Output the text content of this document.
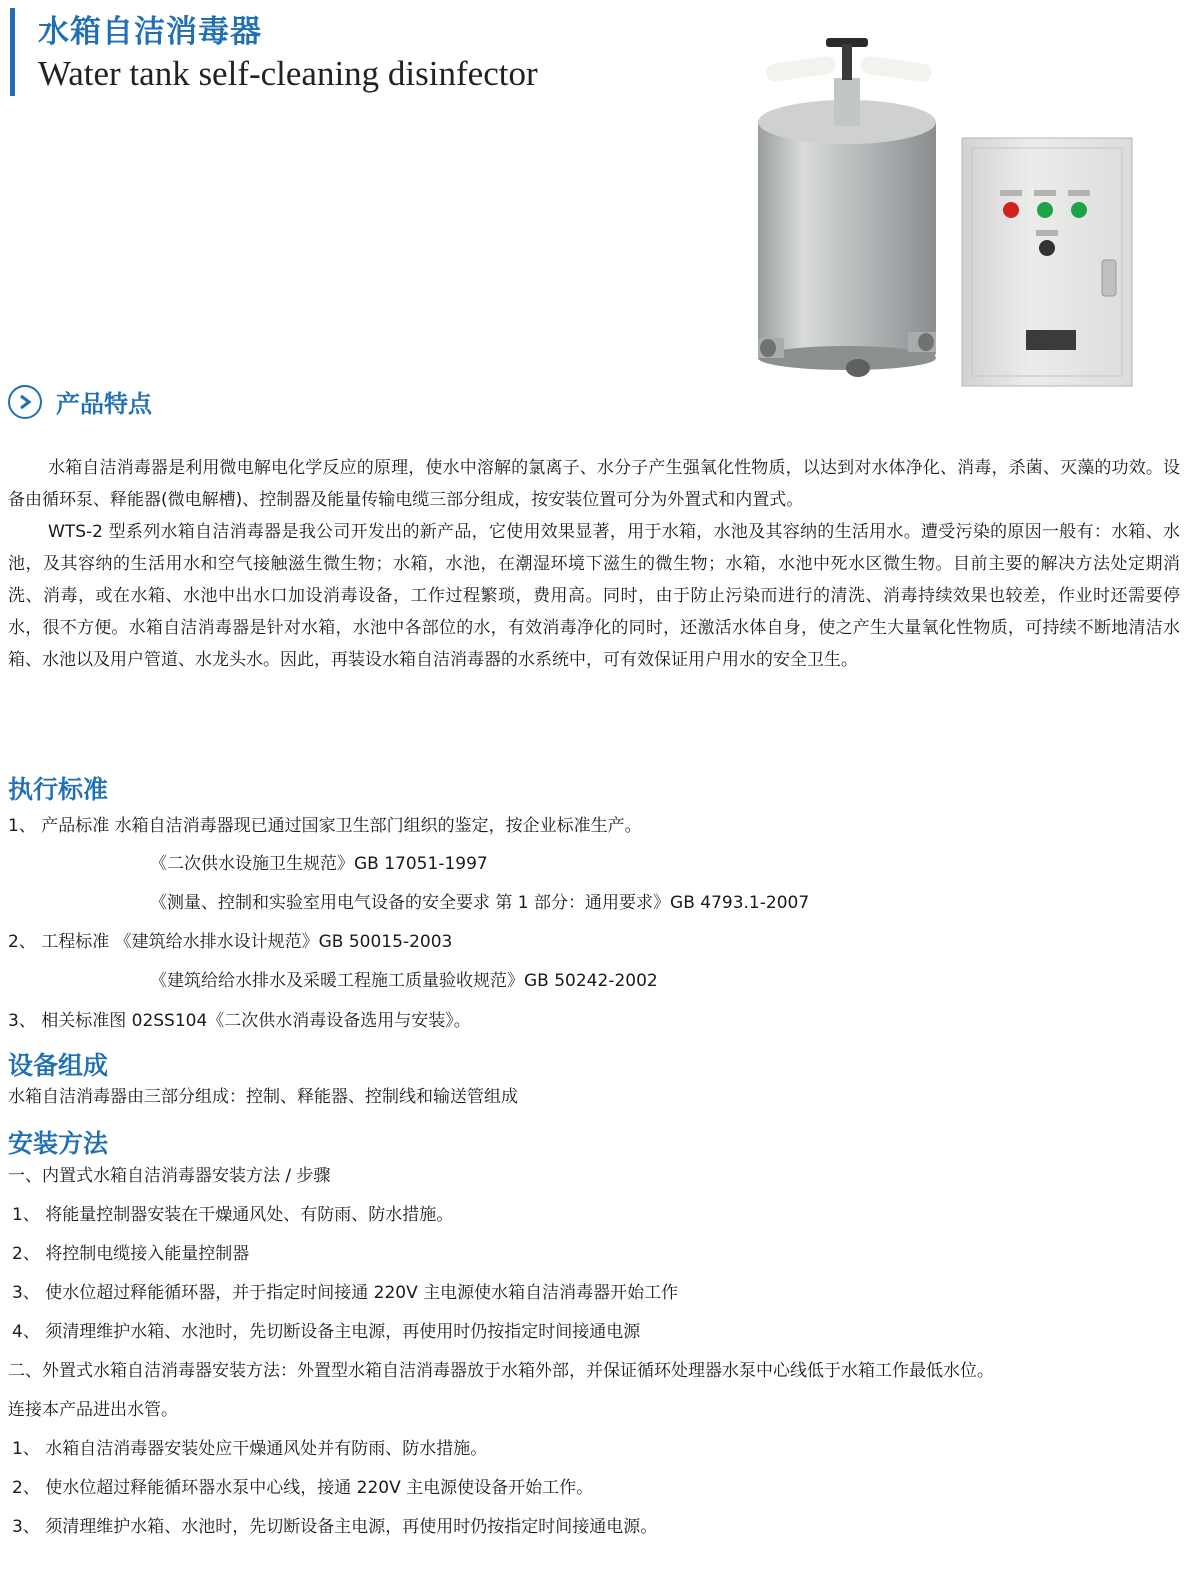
水箱自洁消毒器
Water tank self-cleaning disinfector
产品特点

水箱自洁消毒器是利用微电解电化学反应的原理，使水中溶解的氯离子、水分子产生强氧化性物质，以达到对水体净化、消毒，杀菌、灭藻的功效。设备由循环泵、释能器(微电解槽)、控制器及能量传输电缆三部分组成，按安装位置可分为外置式和内置式。

WTS-2 型系列水箱自洁消毒器是我公司开发出的新产品，它使用效果显著，用于水箱，水池及其容纳的生活用水。遭受污染的原因一般有：水箱、水池，及其容纳的生活用水和空气接触滋生微生物；水箱，水池，在潮湿环境下滋生的微生物；水箱，水池中死水区微生物。目前主要的解决方法处定期消洗、消毒，或在水箱、水池中出水口加设消毒设备，工作过程繁琐，费用高。同时，由于防止污染而进行的清洗、消毒持续效果也较差，作业时还需要停水，很不方便。水箱自洁消毒器是针对水箱，水池中各部位的水，有效消毒净化的同时，还激活水体自身，使之产生大量氧化性物质，可持续不断地清洁水箱、水池以及用户管道、水龙头水。因此，再装设水箱自洁消毒器的水系统中，可有效保证用户用水的安全卫生。

执行标准
1、 产品标准 水箱自洁消毒器现已通过国家卫生部门组织的鉴定，按企业标准生产。
《二次供水设施卫生规范》GB 17051-1997
《测量、控制和实验室用电气设备的安全要求 第 1 部分：通用要求》GB 4793.1-2007
2、 工程标准 《建筑给水排水设计规范》GB 50015-2003
《建筑给给水排水及采暖工程施工质量验收规范》GB 50242-2002
3、 相关标准图 02SS104《二次供水消毒设备选用与安装》。
设备组成
水箱自洁消毒器由三部分组成：控制、释能器、控制线和输送管组成
安装方法
一、内置式水箱自洁消毒器安装方法 / 步骤
1、 将能量控制器安装在干燥通风处、有防雨、防水措施。
2、 将控制电缆接入能量控制器
3、 使水位超过释能循环器，并于指定时间接通 220V 主电源使水箱自洁消毒器开始工作
4、 须清理维护水箱、水池时，先切断设备主电源，再使用时仍按指定时间接通电源
二、外置式水箱自洁消毒器安装方法：外置型水箱自洁消毒器放于水箱外部，并保证循环处理器水泵中心线低于水箱工作最低水位。
连接本产品进出水管。
1、 水箱自洁消毒器安装处应干燥通风处并有防雨、防水措施。
2、 使水位超过释能循环器水泵中心线，接通 220V 主电源使设备开始工作。
3、 须清理维护水箱、水池时，先切断设备主电源，再使用时仍按指定时间接通电源。
